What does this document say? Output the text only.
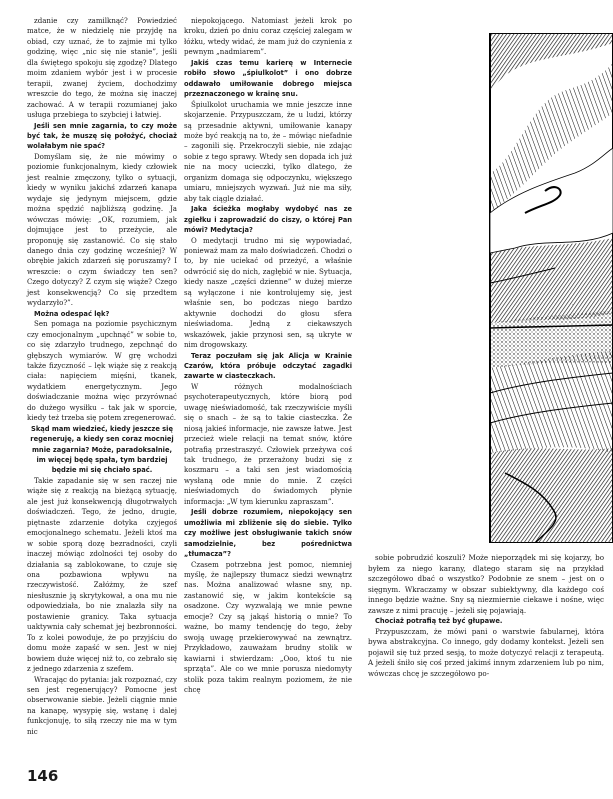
zdanie czy zamilknąć? Powiedzieć matce, że w niedzielę nie przyjdę na obiad, czy uznać, że to zajmie mi tylko godzinę, więc „nic się nie stanie”, jeśli dla świętego spokoju się zgodzę? Dlatego moim zdaniem wybór jest i w procesie terapii, zwanej życiem, dochodzimy wreszcie do tego, że można się inaczej zachować. A w terapii rozumianej jako usługa przebiega to szybciej i łatwiej.

Jeśli sen mnie zagarnia, to czy może być tak, że muszę się położyć, chociaż wolałabym nie spać?

Domyślam się, że nie mówimy o poziomie funkcjonalnym, kiedy człowiek jest realnie zmęczony, tylko o sytuacji, kiedy w wyniku jakichś zdarzeń kanapa wydaje się jedynym miejscem, gdzie można spędzić najbliższą godzinę. Ja wówczas mówię: „OK, rozumiem, jak dojmujące jest to przeżycie, ale proponuję się zastanowić. Co się stało danego dnia czy godzinę wcześniej? W obrębie jakich zdarzeń się poruszamy? I wreszcie: o czym świadczy ten sen? Czego dotyczy? Z czym się wiąże? Czego jest konsekwencją? Co się przedtem wydarzyło?”.

Można odespać lęk?

Sen pomaga na poziomie psychicznym czy emocjonalnym „upchnąć” w sobie to, co się zdarzyło trudnego, zepchnąć do głębszych wymiarów. W grę wchodzi także fizyczność – lęk wiąże się z reakcją ciała: napięciem mięśni, tkanek, wydatkiem energetycznym. Jego doświadczanie można więc przyrównać do dużego wysiłku – tak jak w sporcie, kiedy też trzeba się potem zregenerować.

Skąd mam wiedzieć, kiedy jeszcze się regeneruję, a kiedy sen coraz mocniej mnie zagarnia? Może, paradoksalnie, im więcej będę spała, tym bardziej będzie mi się chciało spać.

Takie zapadanie się w sen raczej nie wiąże się z reakcją na bieżącą sytuację, ale jest już konsekwencją długotrwałych doświadczeń. Tego, że jedno, drugie, piętnaste zdarzenie dotyka czyjegoś emocjonalnego schematu. Jeżeli ktoś ma w sobie sporą dozę bezradności, czyli inaczej mówiąc zdolności tej osoby do działania są zablokowane, to czuje się ona pozbawiona wpływu na rzeczywistość. Załóżmy, że szef niesłusznie ją skrytykował, a ona mu nie odpowiedziała, bo nie znalazła siły na postawienie granicy. Taka sytuacja uaktywnia cały schemat jej bezbronności. To z kolei powoduje, że po przyjściu do domu może zapaść w sen. Jest w niej bowiem duże więcej niż to, co zebrało się z jednego zdarzenia z szefem.

Wracając do pytania: jak rozpoznać, czy sen jest regenerujący? Pomocne jest obserwowanie siebie. Jeżeli ciągnie mnie na kanapę, wysypię się, wstanę i dalej funkcjonuję, to siłą rzeczy nie ma w tym nic

niepokojącego. Natomiast jeżeli krok po kroku, dzień po dniu coraz częściej zalegam w łóżku, wtedy widać, że mam już do czynienia z pewnym „nadmiarem”.

Jakiś czas temu karierę w Internecie robiło słowo „śpiulkolot” i ono dobrze oddawało umiłowanie dobrego miejsca przeznaczonego w krainę snu.

Śpiulkolot uruchamia we mnie jeszcze inne skojarzenie. Przypuszczam, że u ludzi, którzy są przesadnie aktywni, umiłowanie kanapy może być reakcją na to, że – mówiąc niefadnie – zagonili się. Przekroczyli siebie, nie zdając sobie z tego sprawy. Wtedy sen dopada ich już nie na mocy ucieczki, tylko dlatego, że organizm domaga się odpoczynku, większego umiaru, mniejszych wyzwań. Już nie ma siły, aby tak ciągle działać.

Jaka ścieżka mogłaby wydobyć nas ze zgiełku i zaprowadzić do ciszy, o której Pan mówi? Medytacja?

O medytacji trudno mi się wypowiadać, ponieważ mam za mało doświadczeń. Chodzi o to, by nie uciekać od przeżyć, a właśnie odwrócić się do nich, zagłębić w nie. Sytuacja, kiedy nasze „części dzienne” w dużej mierze są wyłączone i nie kontrolujemy się, jest właśnie sen, bo podczas niego bardzo aktywnie dochodzi do głosu sfera nieświadoma. Jedną z ciekawszych wskazówek, jakie przynosi sen, są ukryte w nim drogowskazy.

Teraz poczułam się jak Alicja w Krainie Czarów, która próbuje odczytać zagadki zawarte w ciasteczkach.

W różnych modalnościach psychoterapeutycznych, które biorą pod uwagę nieświadomość, tak rzeczywiście myśli się o snach – że są to takie ciasteczka. Że niosą jakieś informacje, nie zawsze łatwe. Jest przecież wiele relacji na temat snów, które potrafią przestraszyć. Człowiek przeżywa coś tak trudnego, że przerażony budzi się z koszmaru – a taki sen jest wiadomością wysłaną ode mnie do mnie. Z części nieświadomych do świadomych płynie informacja: „W tym kierunku zapraszam”.

Jeśli dobrze rozumiem, niepokojący sen umożliwia mi zbliżenie się do siebie. Tylko czy możliwe jest obsługiwanie takich snów samodzielnie, bez pośrednictwa „tłumacza”?

Czasem potrzebna jest pomoc, niemniej myślę, że najlepszy tłumacz siedzi wewnątrz nas. Można analizować własne sny, np. zastanowić się, w jakim kontekście są osadzone. Czy wyzwalają we mnie pewne emocje? Czy są jakąś historią o mnie? To ważne, bo mamy tendencję do tego, żeby swoją uwagę przekierowywać na zewnątrz. Przykładowo, zauważam brudny stolik w kawiarni i stwierdzam: „Ooo, ktoś tu nie sprząta”. Ale co we mnie porusza niedomyty stolik poza takim realnym poziomem, że nie chcę

sobie pobrudzić koszuli? Może nieporządek mi się kojarzy, bo byłem za niego karany, dlatego staram się na przykład szczegółowo dbać o wszystko? Podobnie ze snem – jest on o sięgnym. Wkraczamy w obszar subiektywny, dla każdego coś innego będzie ważne. Sny są niezmiernie ciekawe i nośne, więc zawsze z nimi pracuję – jeżeli się pojawiają.

Chociaż potrafią też być głupawe.

Przypuszczam, że mówi pani o warstwie fabularnej, która bywa abstrakcyjna. Co innego, gdy dodamy kontekst. Jeżeli sen pojawił się tuż przed sesją, to może dotyczyć relacji z terapeutą. A jeżeli śniło się coś przed jakimś innym zdarzeniem lub po nim, wówczas chcę je szczegółowo po-

146
